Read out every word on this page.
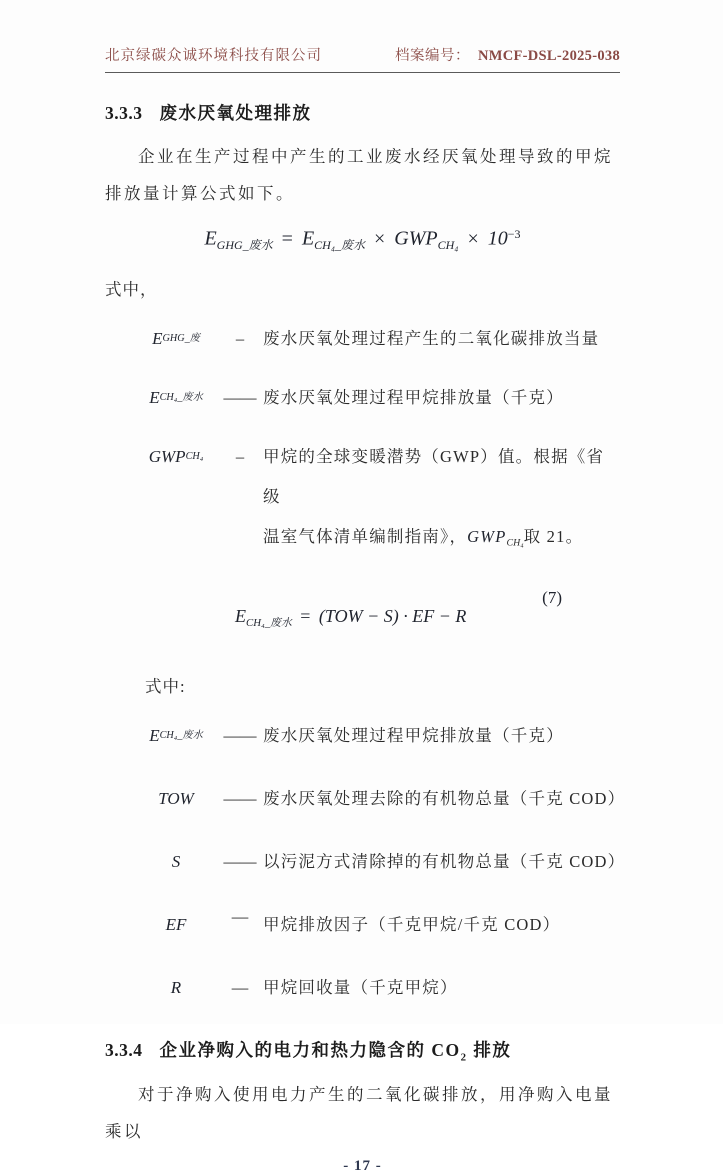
北京绿碳众诚环境科技有限公司	档案编号： NMCF-DSL-2025-038
3.3.3 废水厌氧处理排放
企业在生产过程中产生的工业废水经厌氧处理导致的甲烷排放量计算公式如下。
$E_{GHG\_废水} = E_{CH_4\_废水} \times GWP_{CH_4} \times 10^{-3}$
式中，
E GHG_废	–	废水厌氧处理过程产生的二氧化碳排放当量
E CH₄_废水	—— 废水厌氧处理过程甲烷排放量（千克）
GWP CH₄	–	甲烷的全球变暖潜势（GWP）值。根据《省级
温室气体清单编制指南》，$GWP_{CH_4}$取 21。
$E_{CH_4\_废水} = (TOW - S)$ · EF − R
(7)
式中:
E CH₄_废水	—— 废水厌氧处理过程甲烷排放量（千克）
TOW	—— 废水厌氧处理去除的有机物总量（千克 COD）
S	—— 以污泥方式清除掉的有机物总量（千克 COD）
EF	— 甲烷排放因子（千克甲烷/千克 COD）
R	— 甲烷回收量（千克甲烷）
3.3.4 企业净购入的电力和热力隐含的 $CO_2$ 排放
对于净购入使用电力产生的二氧化碳排放，用净购入电量乘以
- 17 -
